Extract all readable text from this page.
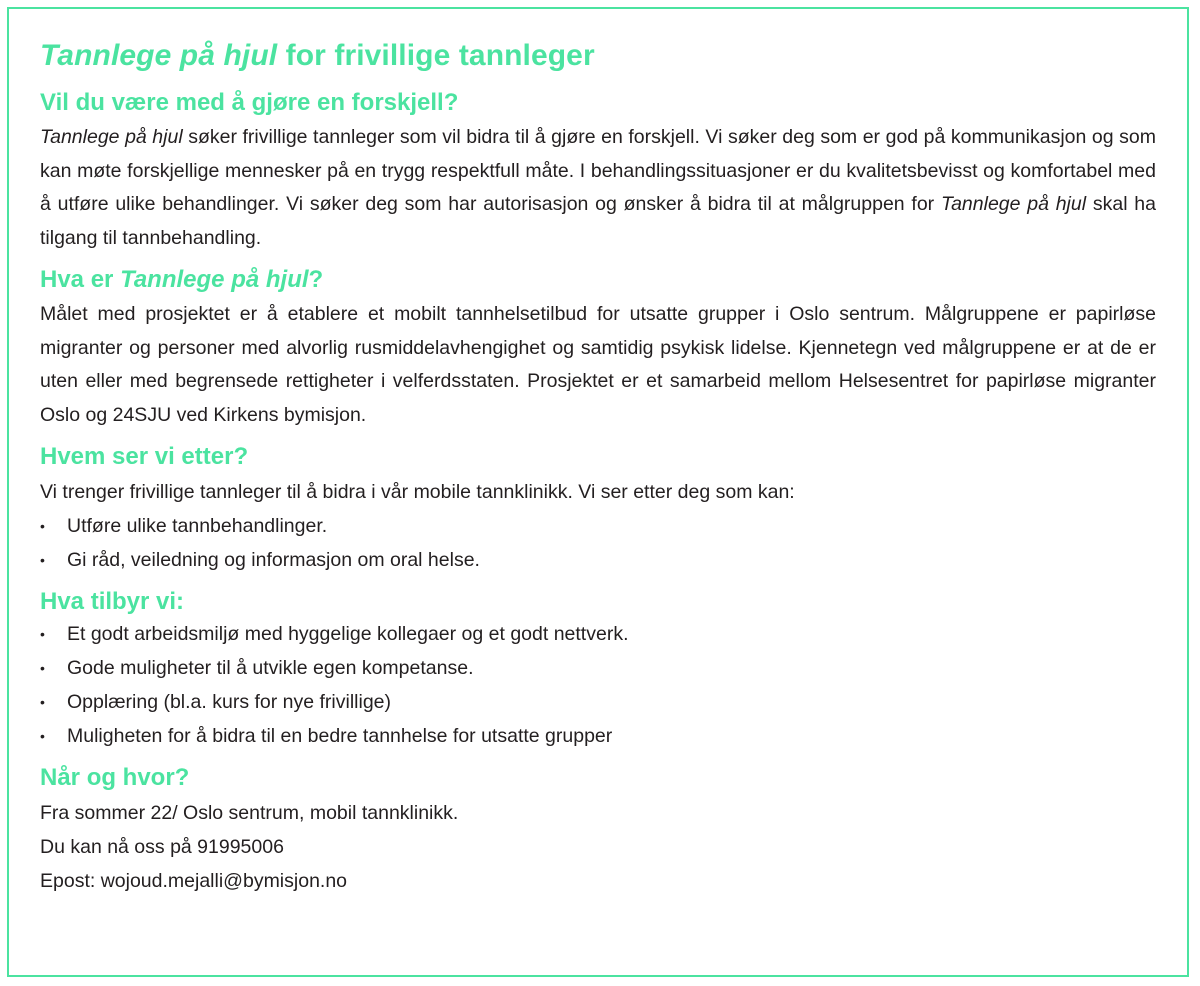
Tannlege på hjul for frivillige tannleger
Vil du være med å gjøre en forskjell?

Tannlege på hjul søker frivillige tannleger som vil bidra til å gjøre en forskjell. Vi søker deg som er god på kommunikasjon og som kan møte forskjellige mennesker på en trygg respektfull måte. I behandlingssituasjoner er du kvalitetsbevisst og komfortabel med å utføre ulike behandlinger. Vi søker deg som har autorisasjon og ønsker å bidra til at målgruppen for Tannlege på hjul skal ha tilgang til tannbehandling.

Hva er Tannlege på hjul?

Målet med prosjektet er å etablere et mobilt tannhelsetilbud for utsatte grupper i Oslo sentrum. Målgruppene er papirløse migranter og personer med alvorlig rusmiddelavhengighet og samtidig psykisk lidelse. Kjennetegn ved målgruppene er at de er uten eller med begrensede rettigheter i velferdsstaten. Prosjektet er et samarbeid mellom Helsesentret for papirløse migranter Oslo og 24SJU ved Kirkens bymisjon.

Hvem ser vi etter?

Vi trenger frivillige tannleger til å bidra i vår mobile tannklinikk. Vi ser etter deg som kan:

• Utføre ulike tannbehandlinger.
• Gi råd, veiledning og informasjon om oral helse.
Hva tilbyr vi:
• Et godt arbeidsmiljø med hyggelige kollegaer og et godt nettverk.
• Gode muligheter til å utvikle egen kompetanse.
• Opplæring (bl.a. kurs for nye frivillige)
• Muligheten for å bidra til en bedre tannhelse for utsatte grupper
Når og hvor?

Fra sommer 22/ Oslo sentrum, mobil tannklinikk.

Du kan nå oss på 91995006

Epost: wojoud.mejalli@bymisjon.no
